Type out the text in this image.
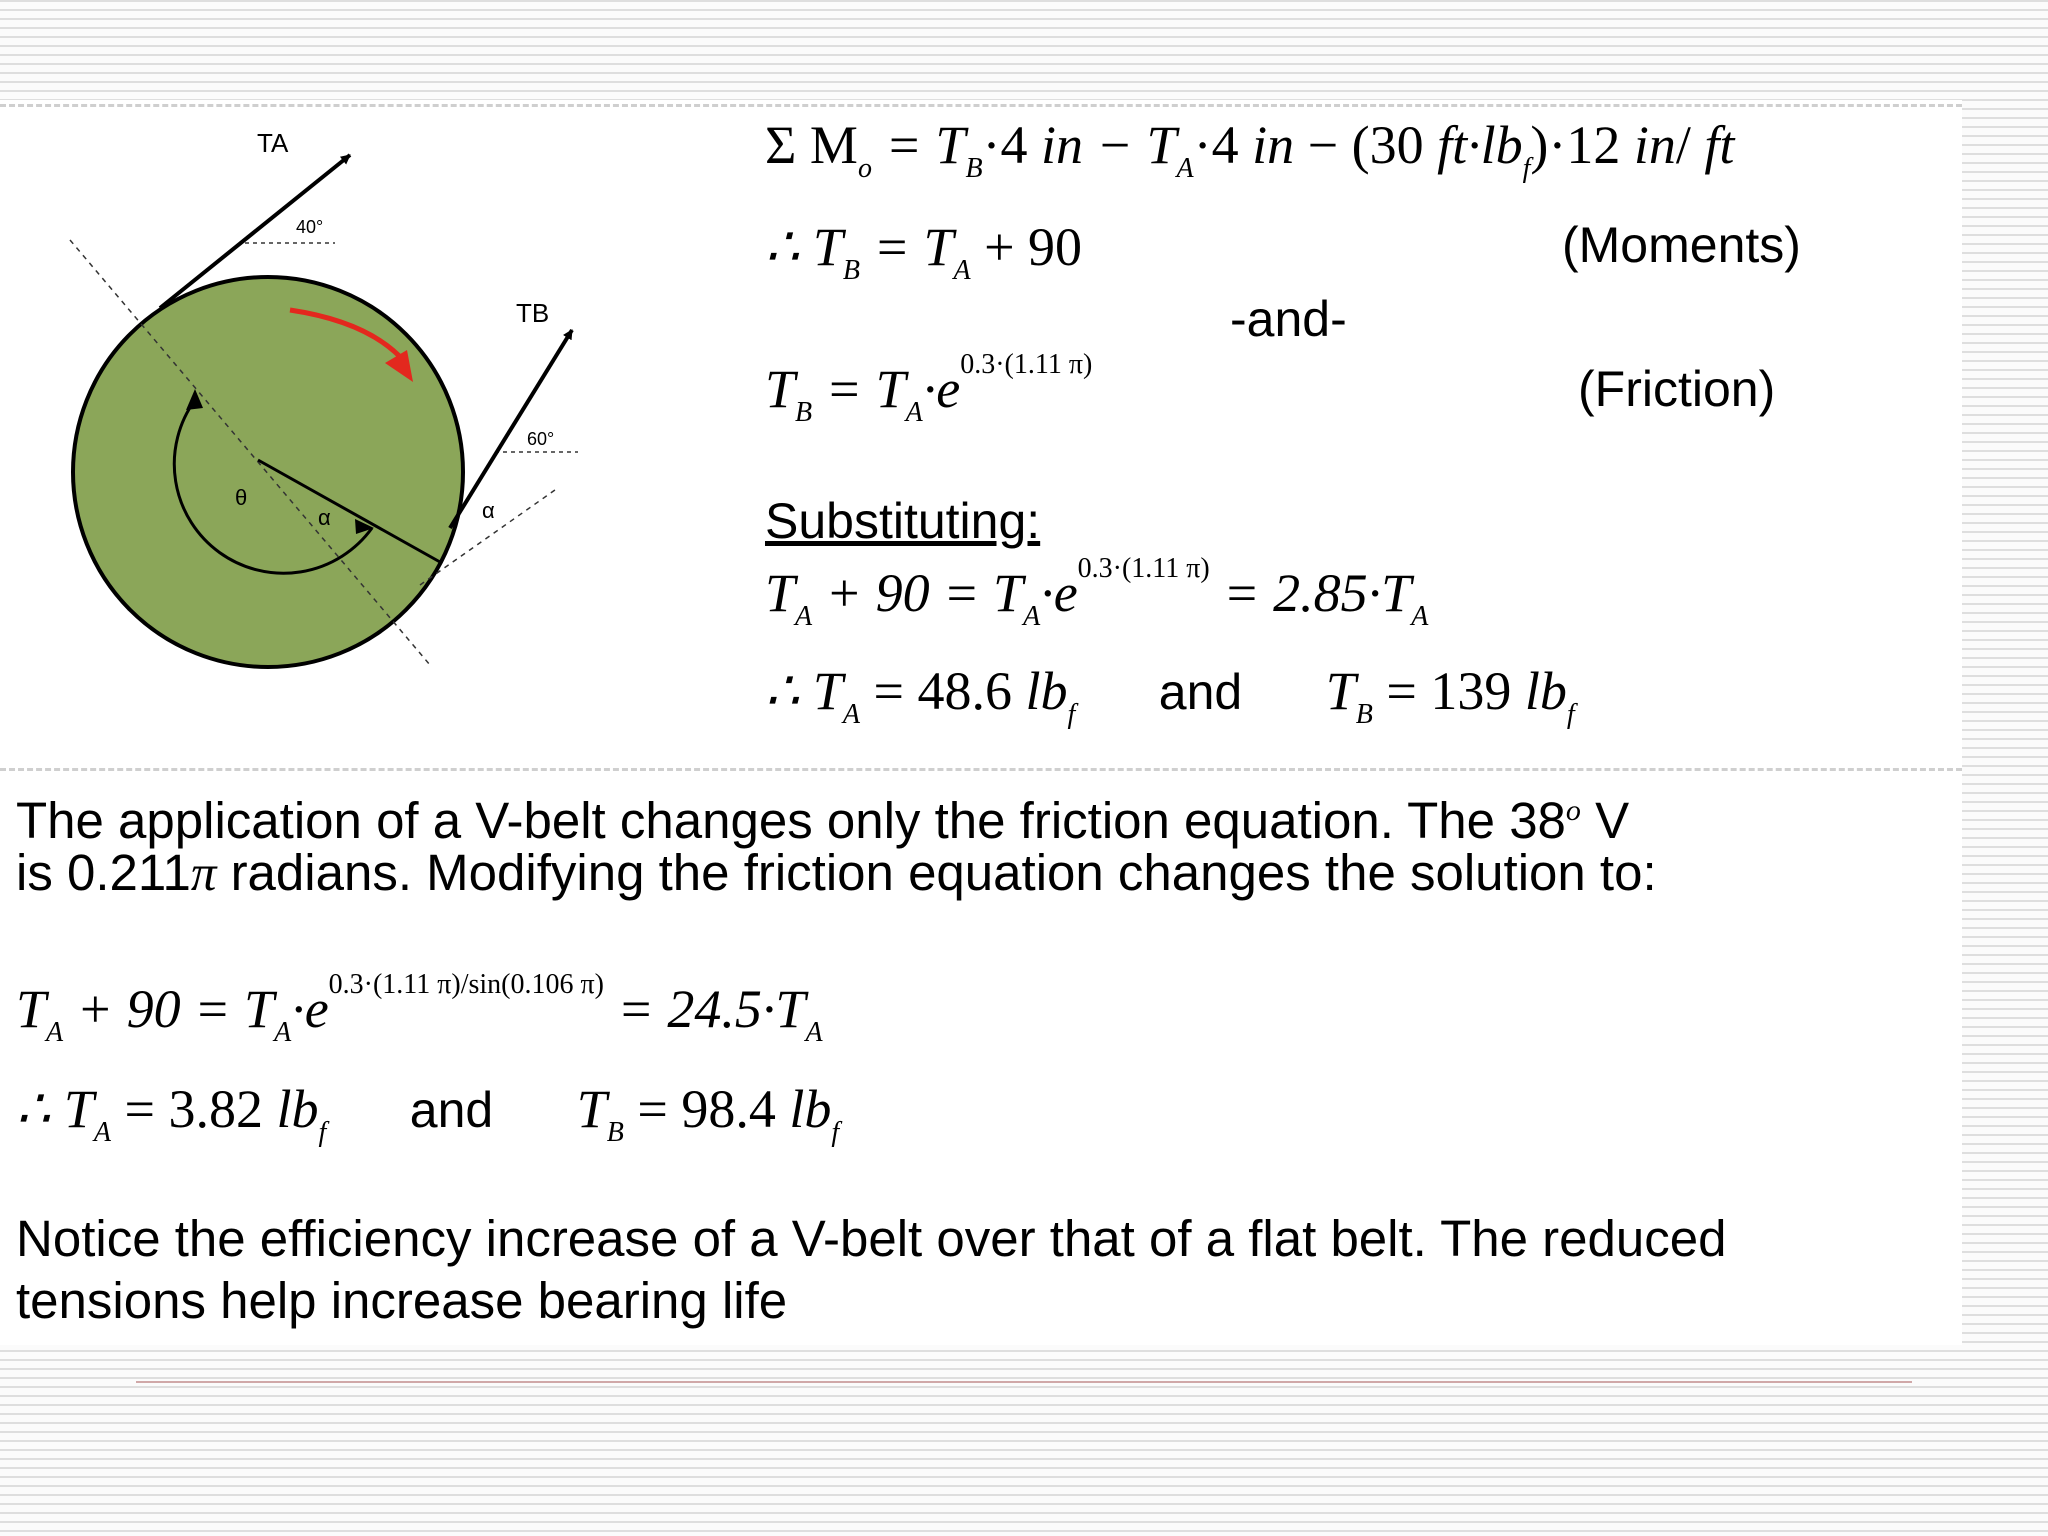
TA
TB
40°
60°
θ
α	α
Σ $M_o = T_B\cdot 4$ in − $T_A\cdot 4$ in − (30 $ft\cdot lb_f)\cdot 12$ in/ ft
∴ $T_B = T_A + 90$	(Moments)
-and-
$T_B = T_A\cdot e^{0.3\cdot(1.11 \pi)}$	(Friction)
Substituting:
$T_A + 90 = T_A\cdot e^{0.3\cdot(1.11 \pi)} = 2.85\cdot T_A$
∴ $T_A = 48.6$ $lb_f$ and $T_B = 139$ $lb_f$
The application of a V-belt changes only the friction equation. The 38$^o$ V
is 0.211π radians. Modifying the friction equation changes the solution to:
$T_A + 90 = T_A\cdot e^{0.3\cdot(1.11 \pi)/sin(0.106 \pi)} = 24.5\cdot T_A$
∴ $T_A = 3.82$ $lb_f$ and $T_B = 98.4$ $lb_f$
Notice the efficiency increase of a V-belt over that of a flat belt. The reduced
tensions help increase bearing life
